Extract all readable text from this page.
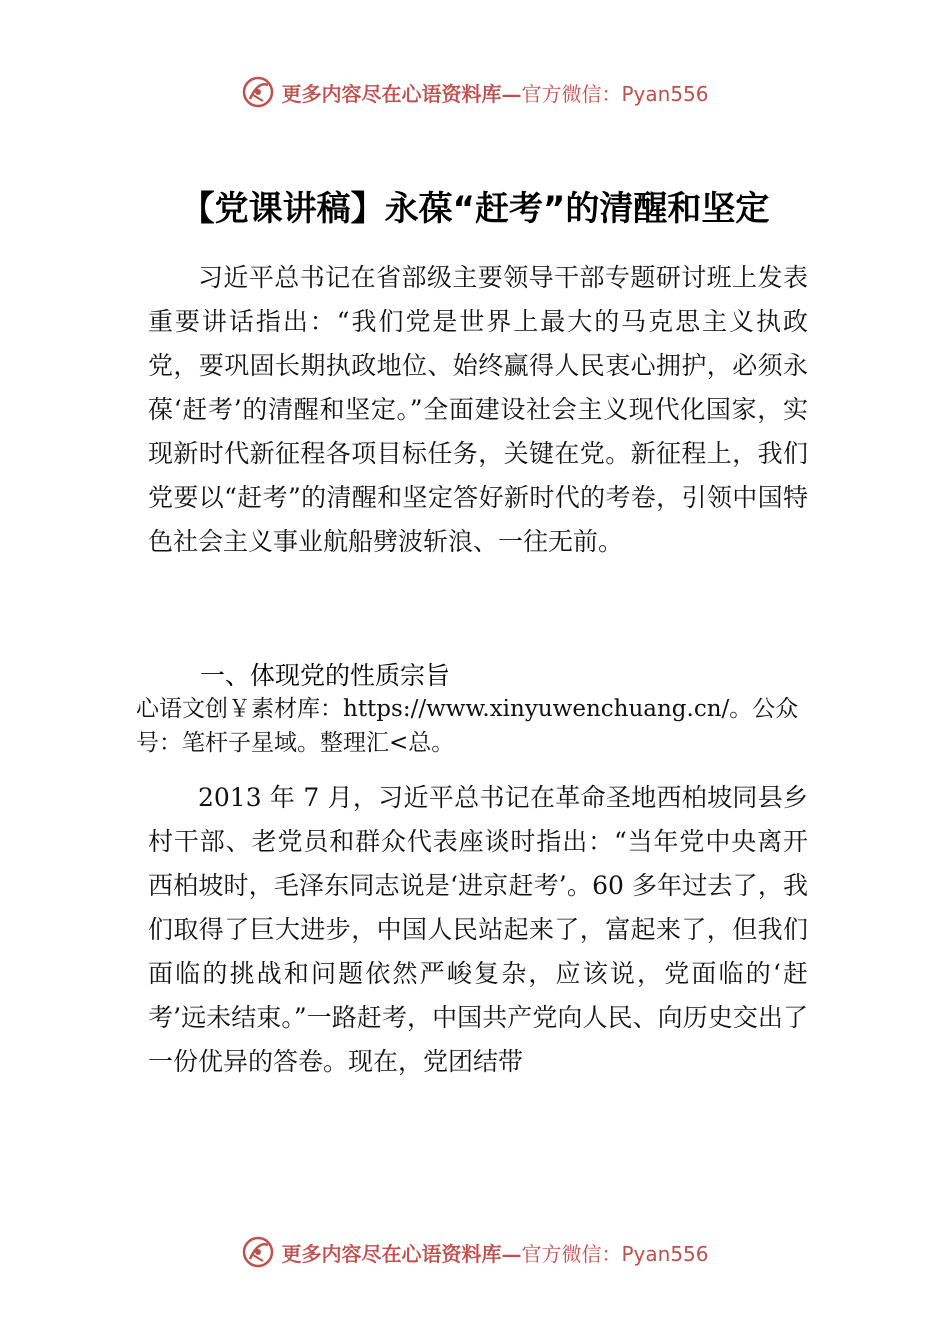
更多内容尽在心语资料库—官方微信：Pyan556
【党课讲稿】永葆“赶考”的清醒和坚定

习近平总书记在省部级主要领导干部专题研讨班上发表重要讲话指出：“我们党是世界上最大的马克思主义执政党，要巩固长期执政地位、始终赢得人民衷心拥护，必须永葆‘赶考’的清醒和坚定。”全面建设社会主义现代化国家，实现新时代新征程各项目标任务，关键在党。新征程上，我们党要以“赶考”的清醒和坚定答好新时代的考卷，引领中国特色社会主义事业航船劈波斩浪、一往无前。

一、体现党的性质宗旨

心语文创￥素材库：https://www.xinyuwenchuang.cn/。公众号：笔杆子星域。整理汇<总。

2013 年 7 月，习近平总书记在革命圣地西柏坡同县乡村干部、老党员和群众代表座谈时指出：“当年党中央离开西柏坡时，毛泽东同志说是‘进京赶考’。60 多年过去了，我们取得了巨大进步，中国人民站起来了，富起来了，但我们面临的挑战和问题依然严峻复杂，应该说，党面临的‘赶考’远未结束。”一路赶考，中国共产党向人民、向历史交出了一份优异的答卷。现在，党团结带

更多内容尽在心语资料库—官方微信：Pyan556
